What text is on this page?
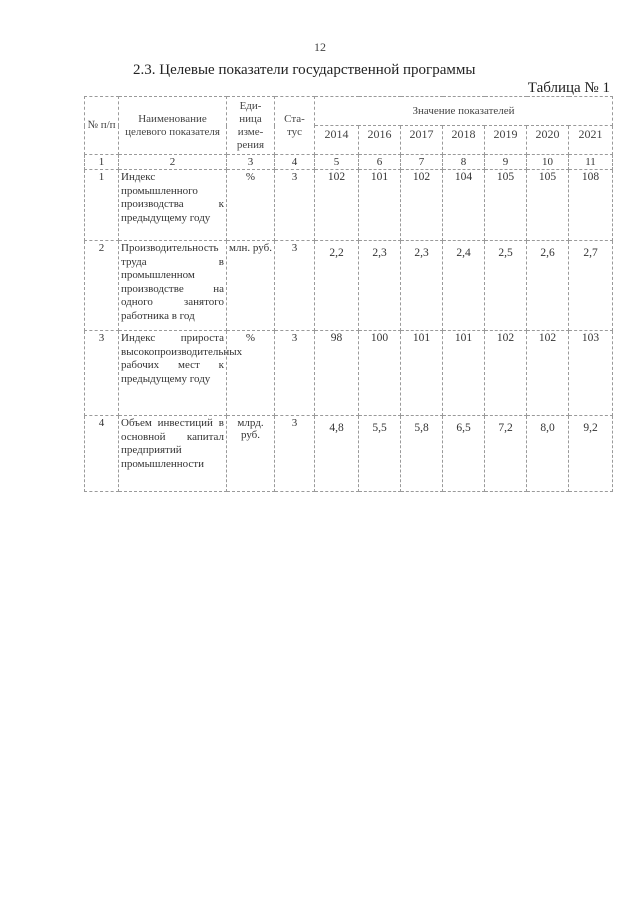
12
2.3. Целевые показатели государственной программы
Таблица № 1
№ п/п	Наименование целевого показателя	Еди-ница изме-рения	Ста-тус	Значение показателей						
				2014	2016	2017	2018	2019	2020	2021
1	2	3	4	5	6	7	8	9	10	11
1	Индекс промышленного производства к предыдущему году	%	3	102	101	102	104	105	105	108
2	Производительность труда в промышленном производстве на одного занятого работника в год	млн. руб.	3	2,2	2,3	2,3	2,4	2,5	2,6	2,7
3	Индекс прироста высокопроизводительных рабочих мест к предыдущему году	%	3	98	100	101	101	102	102	103
4	Объем инвестиций в основной капитал предприятий промышленности	млрд. руб.	3	4,8	5,5	5,8	6,5	7,2	8,0	9,2
